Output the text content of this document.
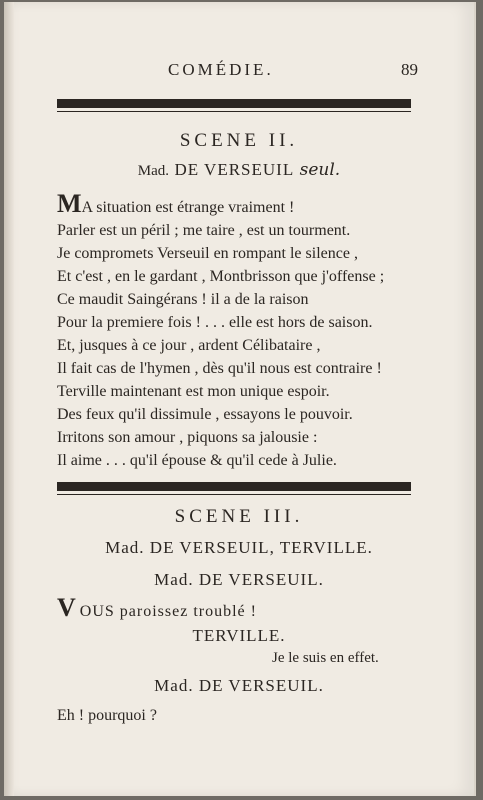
COMÉDIE.	89
SCENE II.
Mad. DE VERSEUIL seul.
MA situation est étrange vraiment !
Parler est un péril ; me taire , est un tourment.
Je compromets Verseuil en rompant le silence ,
Et c'est , en le gardant , Montbrisson que j'offense ;
Ce maudit Saingérans ! il a de la raison
Pour la premiere fois ! . . . elle est hors de saison.
Et, jusques à ce jour , ardent Célibataire ,
Il fait cas de l'hymen , dès qu'il nous est contraire !
Terville maintenant est mon unique espoir.
Des feux qu'il dissimule , essayons le pouvoir.
Irritons son amour , piquons sa jalousie :
Il aime . . . qu'il épouse & qu'il cede à Julie.
SCENE III.
Mad. DE VERSEUIL, TERVILLE.
Mad. DE VERSEUIL.
V OUS paroissez troublé !
TERVILLE.
Je le suis en effet.
Mad. DE VERSEUIL.
Eh ! pourquoi ?
